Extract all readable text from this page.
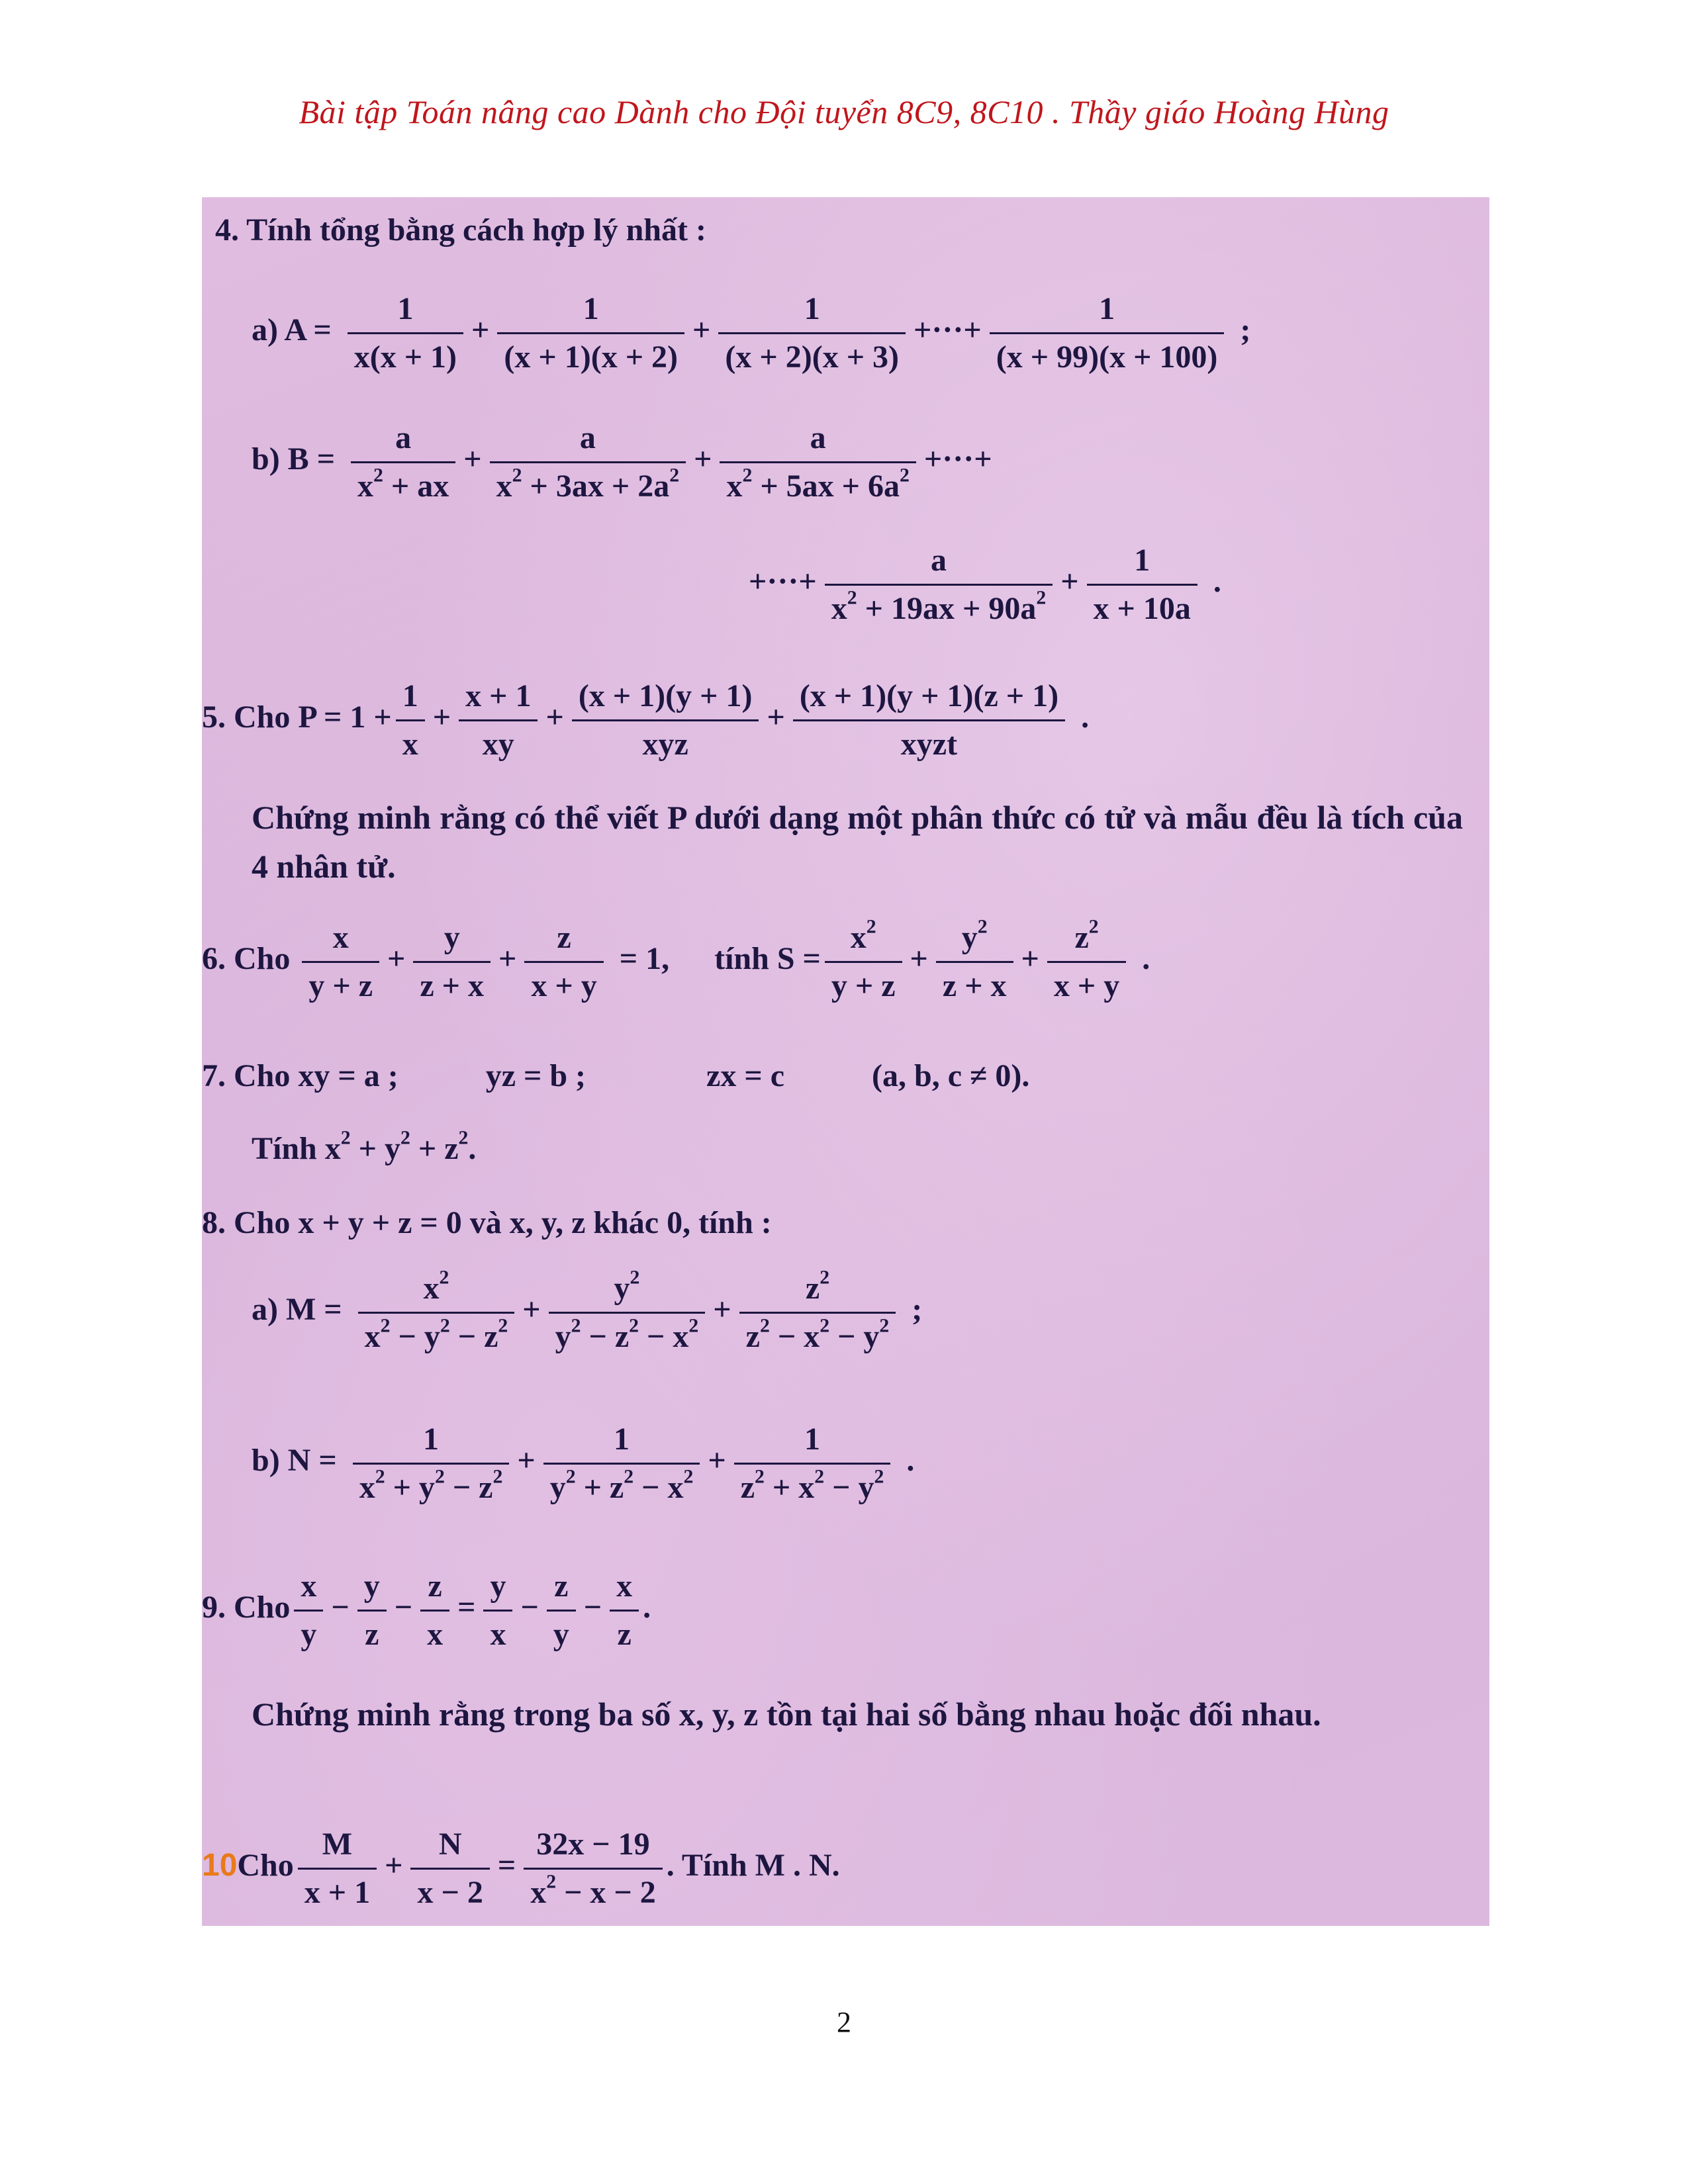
Bài tập Toán nâng cao Dành cho Đội tuyển 8C9, 8C10 . Thầy giáo Hoàng Hùng
4. Tính tổng bằng cách hợp lý nhất :
a) $A = \frac{1}{x(x + 1)} + \frac{1}{(x + 1)(x + 2)} + \frac{1}{(x + 2)(x + 3)}$ +···+ $\frac{1}{(x + 99)(x + 100)}$ ;
b) $B = \frac{a}{x^2 + ax} + \frac{a}{x^2 + 3ax + 2a^2} + \frac{a}{x^2 + 5ax + 6a^2}$ +···+
+···+ $\frac{a}{x^2 + 19ax + 90a^2} + \frac{1}{x + 10a}$ .
5. Cho $P = 1 + \frac{1}{x} + \frac{x + 1}{xy} + \frac{(x + 1)(y + 1)}{\text{xyz}} + \frac{(x + 1)(y + 1)(z + 1)}{\text{xyzt}}$ .
Chứng minh rằng có thể viết P dưới dạng một phân thức có tử và mẫu đều là tích của 4 nhân tử.
6. Cho $\frac{x}{y + z} + \frac{y}{z + x} + \frac{z}{x + y} = 1$, tính $S = \frac{x^2}{y + z} + \frac{y^2}{z + x} + \frac{z^2}{x + y}$ .
7. Cho xy = a ;	yz = b ;	zx = c	(a, b, c ≠ 0).
Tính $x^2 + y^2 + z^2$.
8. Cho x + y + z = 0 và x, y, z khác 0, tính :
a) $M = \frac{x^2}{x^2 - y^2 - z^2} + \frac{y^2}{y^2 - z^2 - x^2} + \frac{z^2}{z^2 - x^2 - y^2}$ ;
b) $N = \frac{1}{x^2 + y^2 - z^2} + \frac{1}{y^2 + z^2 - x^2} + \frac{1}{z^2 + x^2 - y^2}$ .
9. Cho $\frac{x}{y} - \frac{y}{z} - \frac{z}{x} = \frac{y}{x} - \frac{z}{y} - \frac{x}{z}$ .
Chứng minh rằng trong ba số x, y, z tồn tại hai số bằng nhau hoặc đối nhau.
$10Cho \frac{M}{x + 1} + \frac{N}{x - 2} = \frac{32x - 19}{x^2 - x - 2}$ . Tính M . N.
2
